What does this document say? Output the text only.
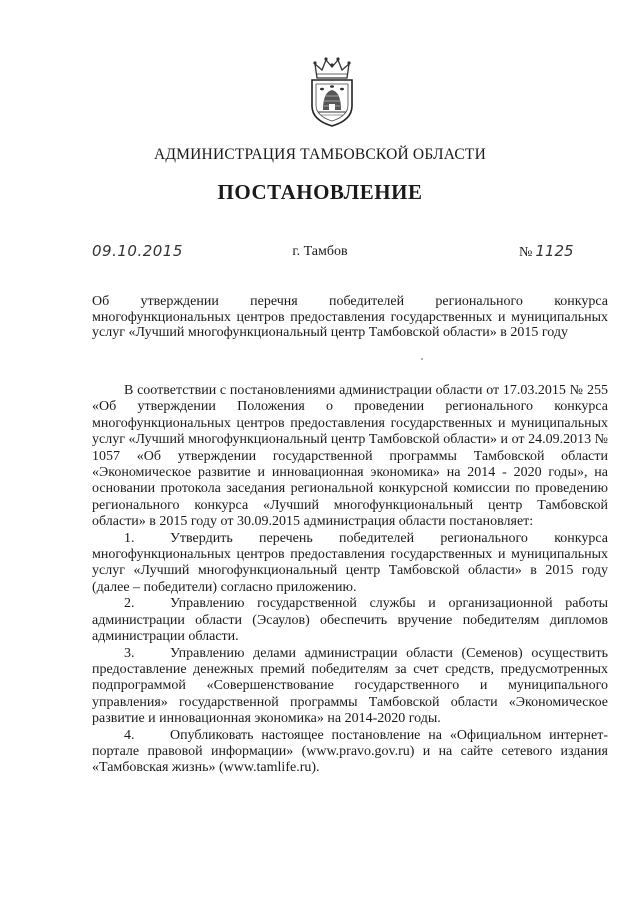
АДМИНИСТРАЦИЯ ТАМБОВСКОЙ ОБЛАСТИ
ПОСТАНОВЛЕНИЕ
09.10.2015	г. Тамбов	№ 1125
Об утверждении перечня победителей регионального конкурса многофункциональных центров предоставления государственных и муниципальных услуг «Лучший многофункциональный центр Тамбовской области» в 2015 году

В соответствии с постановлениями администрации области от 17.03.2015 № 255 «Об утверждении Положения о проведении регионального конкурса многофункциональных центров предоставления государственных и муниципальных услуг «Лучший многофункциональный центр Тамбовской области» и от 24.09.2013 № 1057 «Об утверждении государственной программы Тамбовской области «Экономическое развитие и инновационная экономика» на 2014 - 2020 годы», на основании протокола заседания региональной конкурсной комиссии по проведению регионального конкурса «Лучший многофункциональный центр Тамбовской области» в 2015 году от 30.09.2015 администрация области постановляет:

1.	Утвердить перечень победителей регионального конкурса многофункциональных центров предоставления государственных и муниципальных услуг «Лучший многофункциональный центр Тамбовской области» в 2015 году (далее – победители) согласно приложению.

2.	Управлению государственной службы и организационной работы администрации области (Эсаулов) обеспечить вручение победителям дипломов администрации области.

3.	Управлению делами администрации области (Семенов) осуществить предоставление денежных премий победителям за счет средств, предусмотренных подпрограммой «Совершенствование государственного и муниципального управления» государственной программы Тамбовской области «Экономическое развитие и инновационная экономика» на 2014-2020 годы.

4.	Опубликовать настоящее постановление на «Официальном интернет-портале правовой информации» (www.pravo.gov.ru) и на сайте сетевого издания «Тамбовская жизнь» (www.tamlife.ru).
